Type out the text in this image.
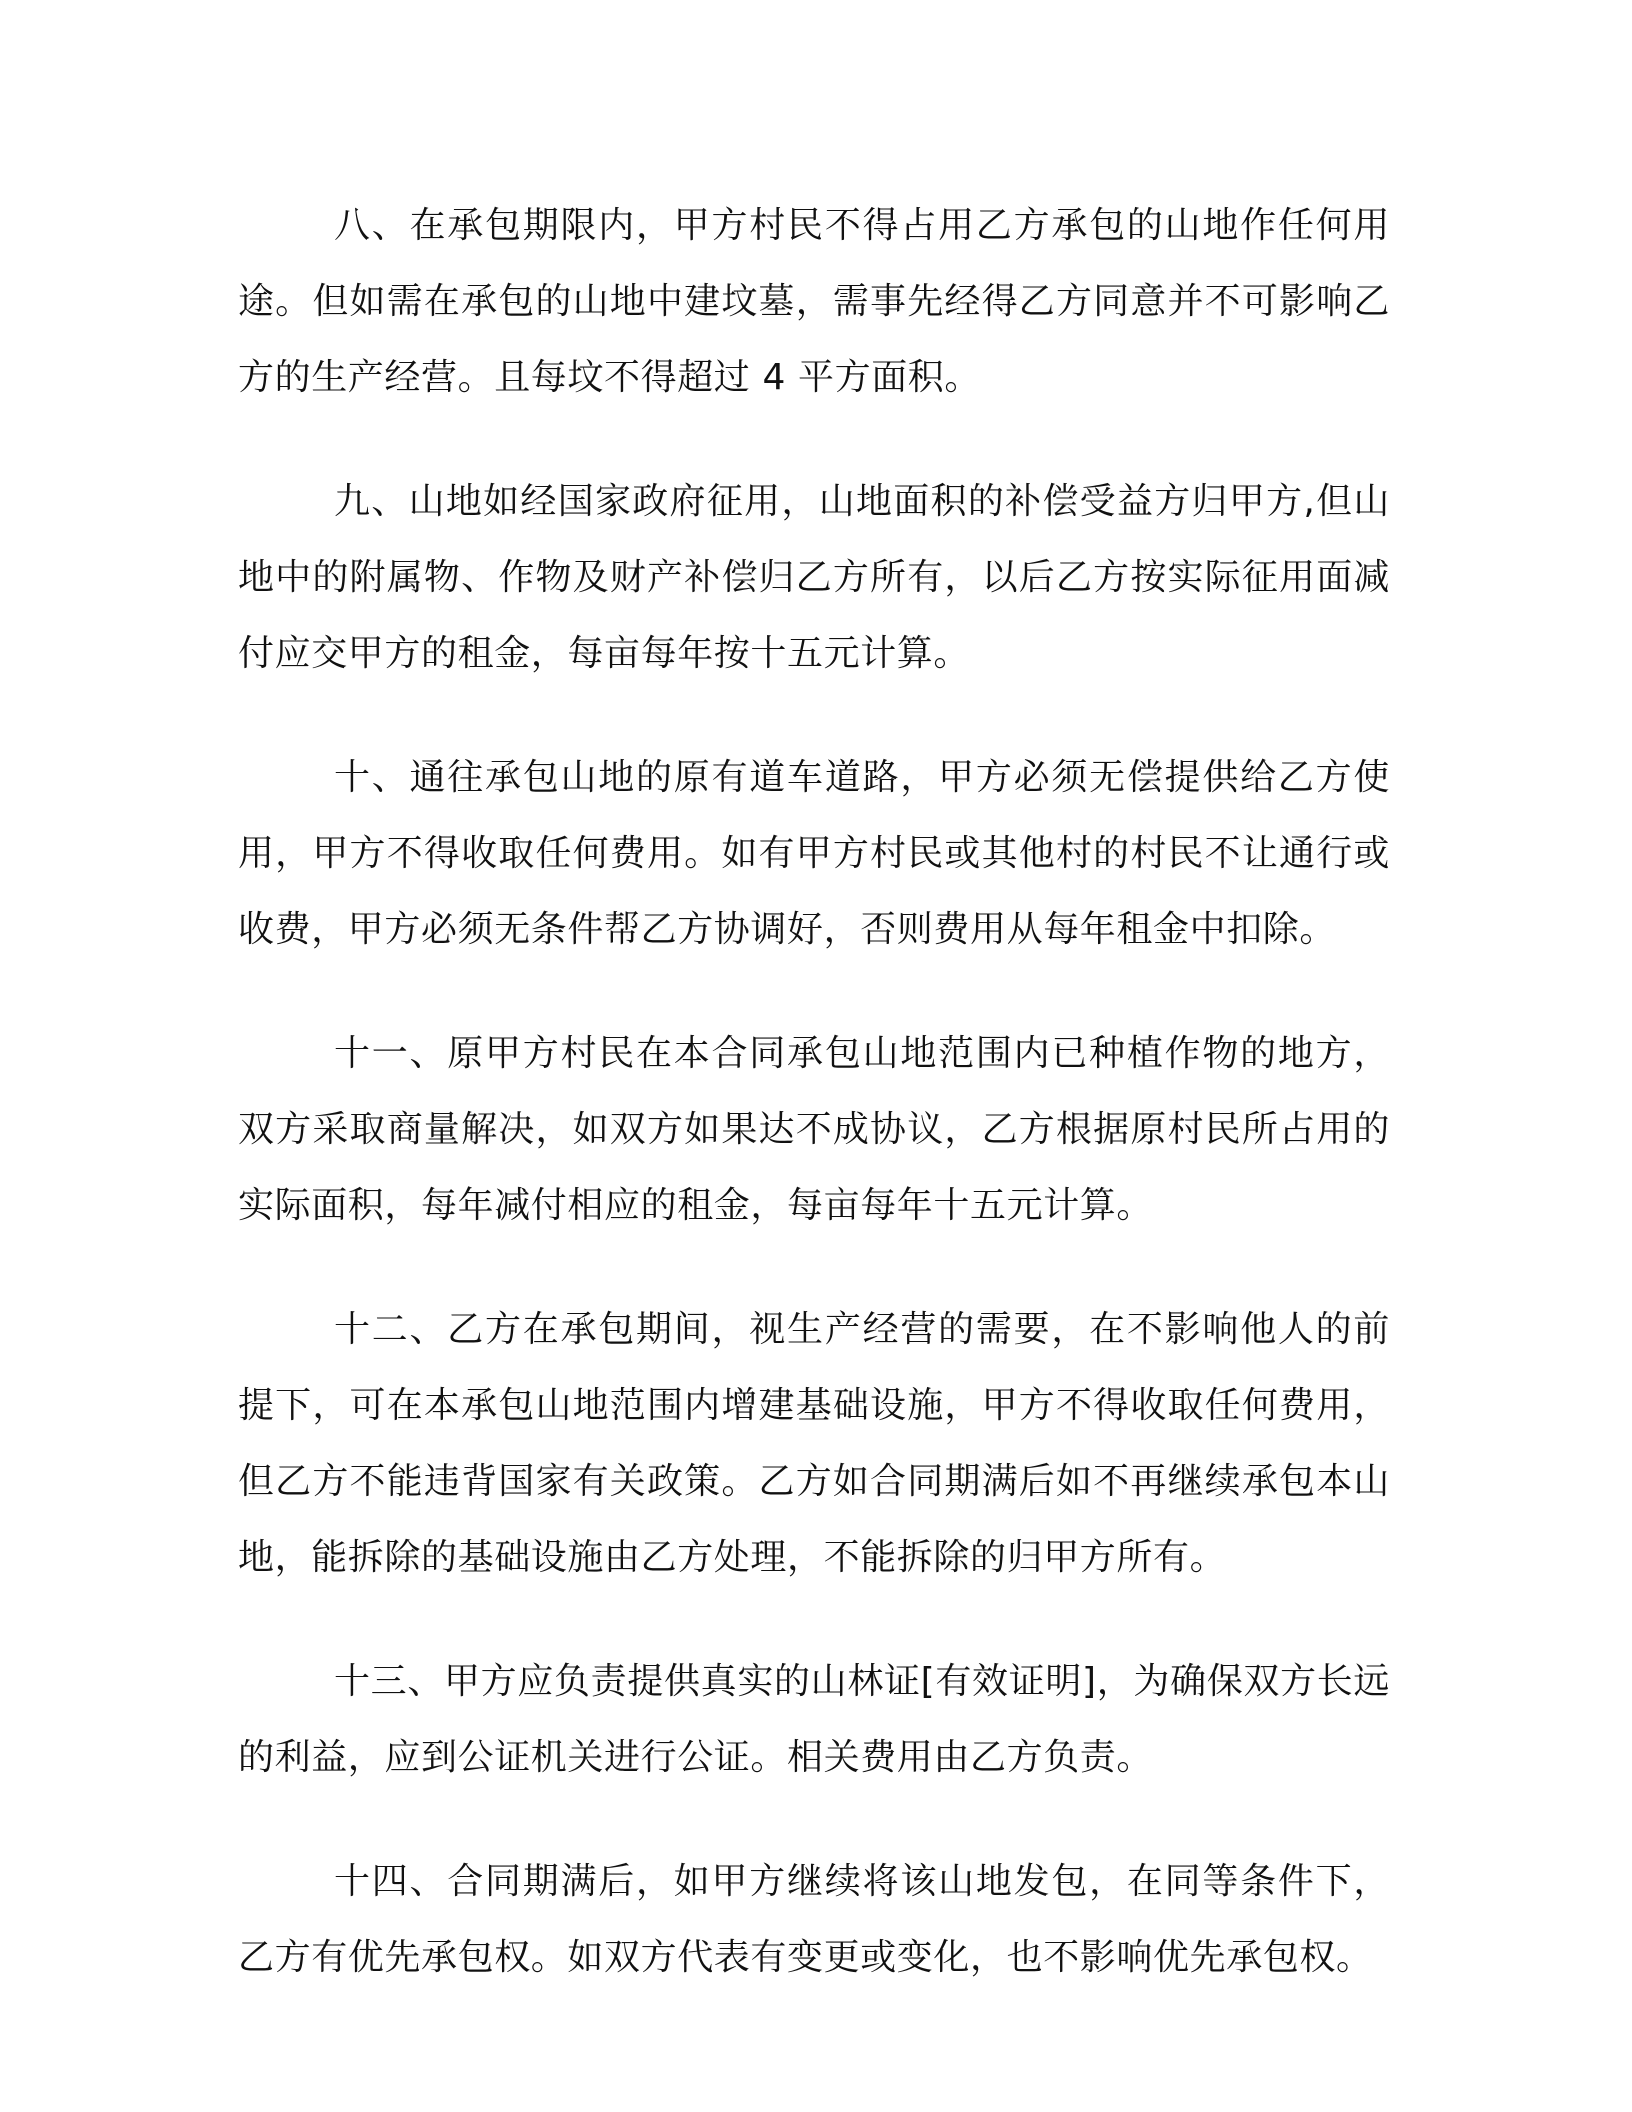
八、在承包期限内，甲方村民不得占用乙方承包的山地作任何用途。但如需在承包的山地中建坟墓，需事先经得乙方同意并不可影响乙方的生产经营。且每坟不得超过 4 平方面积。

九、山地如经国家政府征用，山地面积的补偿受益方归甲方,但山地中的附属物、作物及财产补偿归乙方所有，以后乙方按实际征用面减付应交甲方的租金，每亩每年按十五元计算。

十、通往承包山地的原有道车道路，甲方必须无偿提供给乙方使用，甲方不得收取任何费用。如有甲方村民或其他村的村民不让通行或收费，甲方必须无条件帮乙方协调好，否则费用从每年租金中扣除。

十一、原甲方村民在本合同承包山地范围内已种植作物的地方，双方采取商量解决，如双方如果达不成协议，乙方根据原村民所占用的实际面积，每年减付相应的租金，每亩每年十五元计算。

十二、乙方在承包期间，视生产经营的需要，在不影响他人的前提下，可在本承包山地范围内增建基础设施，甲方不得收取任何费用，但乙方不能违背国家有关政策。乙方如合同期满后如不再继续承包本山地，能拆除的基础设施由乙方处理，不能拆除的归甲方所有。

十三、甲方应负责提供真实的山林证[有效证明]，为确保双方长远的利益，应到公证机关进行公证。相关费用由乙方负责。

十四、合同期满后，如甲方继续将该山地发包，在同等条件下，乙方有优先承包权。如双方代表有变更或变化，也不影响优先承包权。
